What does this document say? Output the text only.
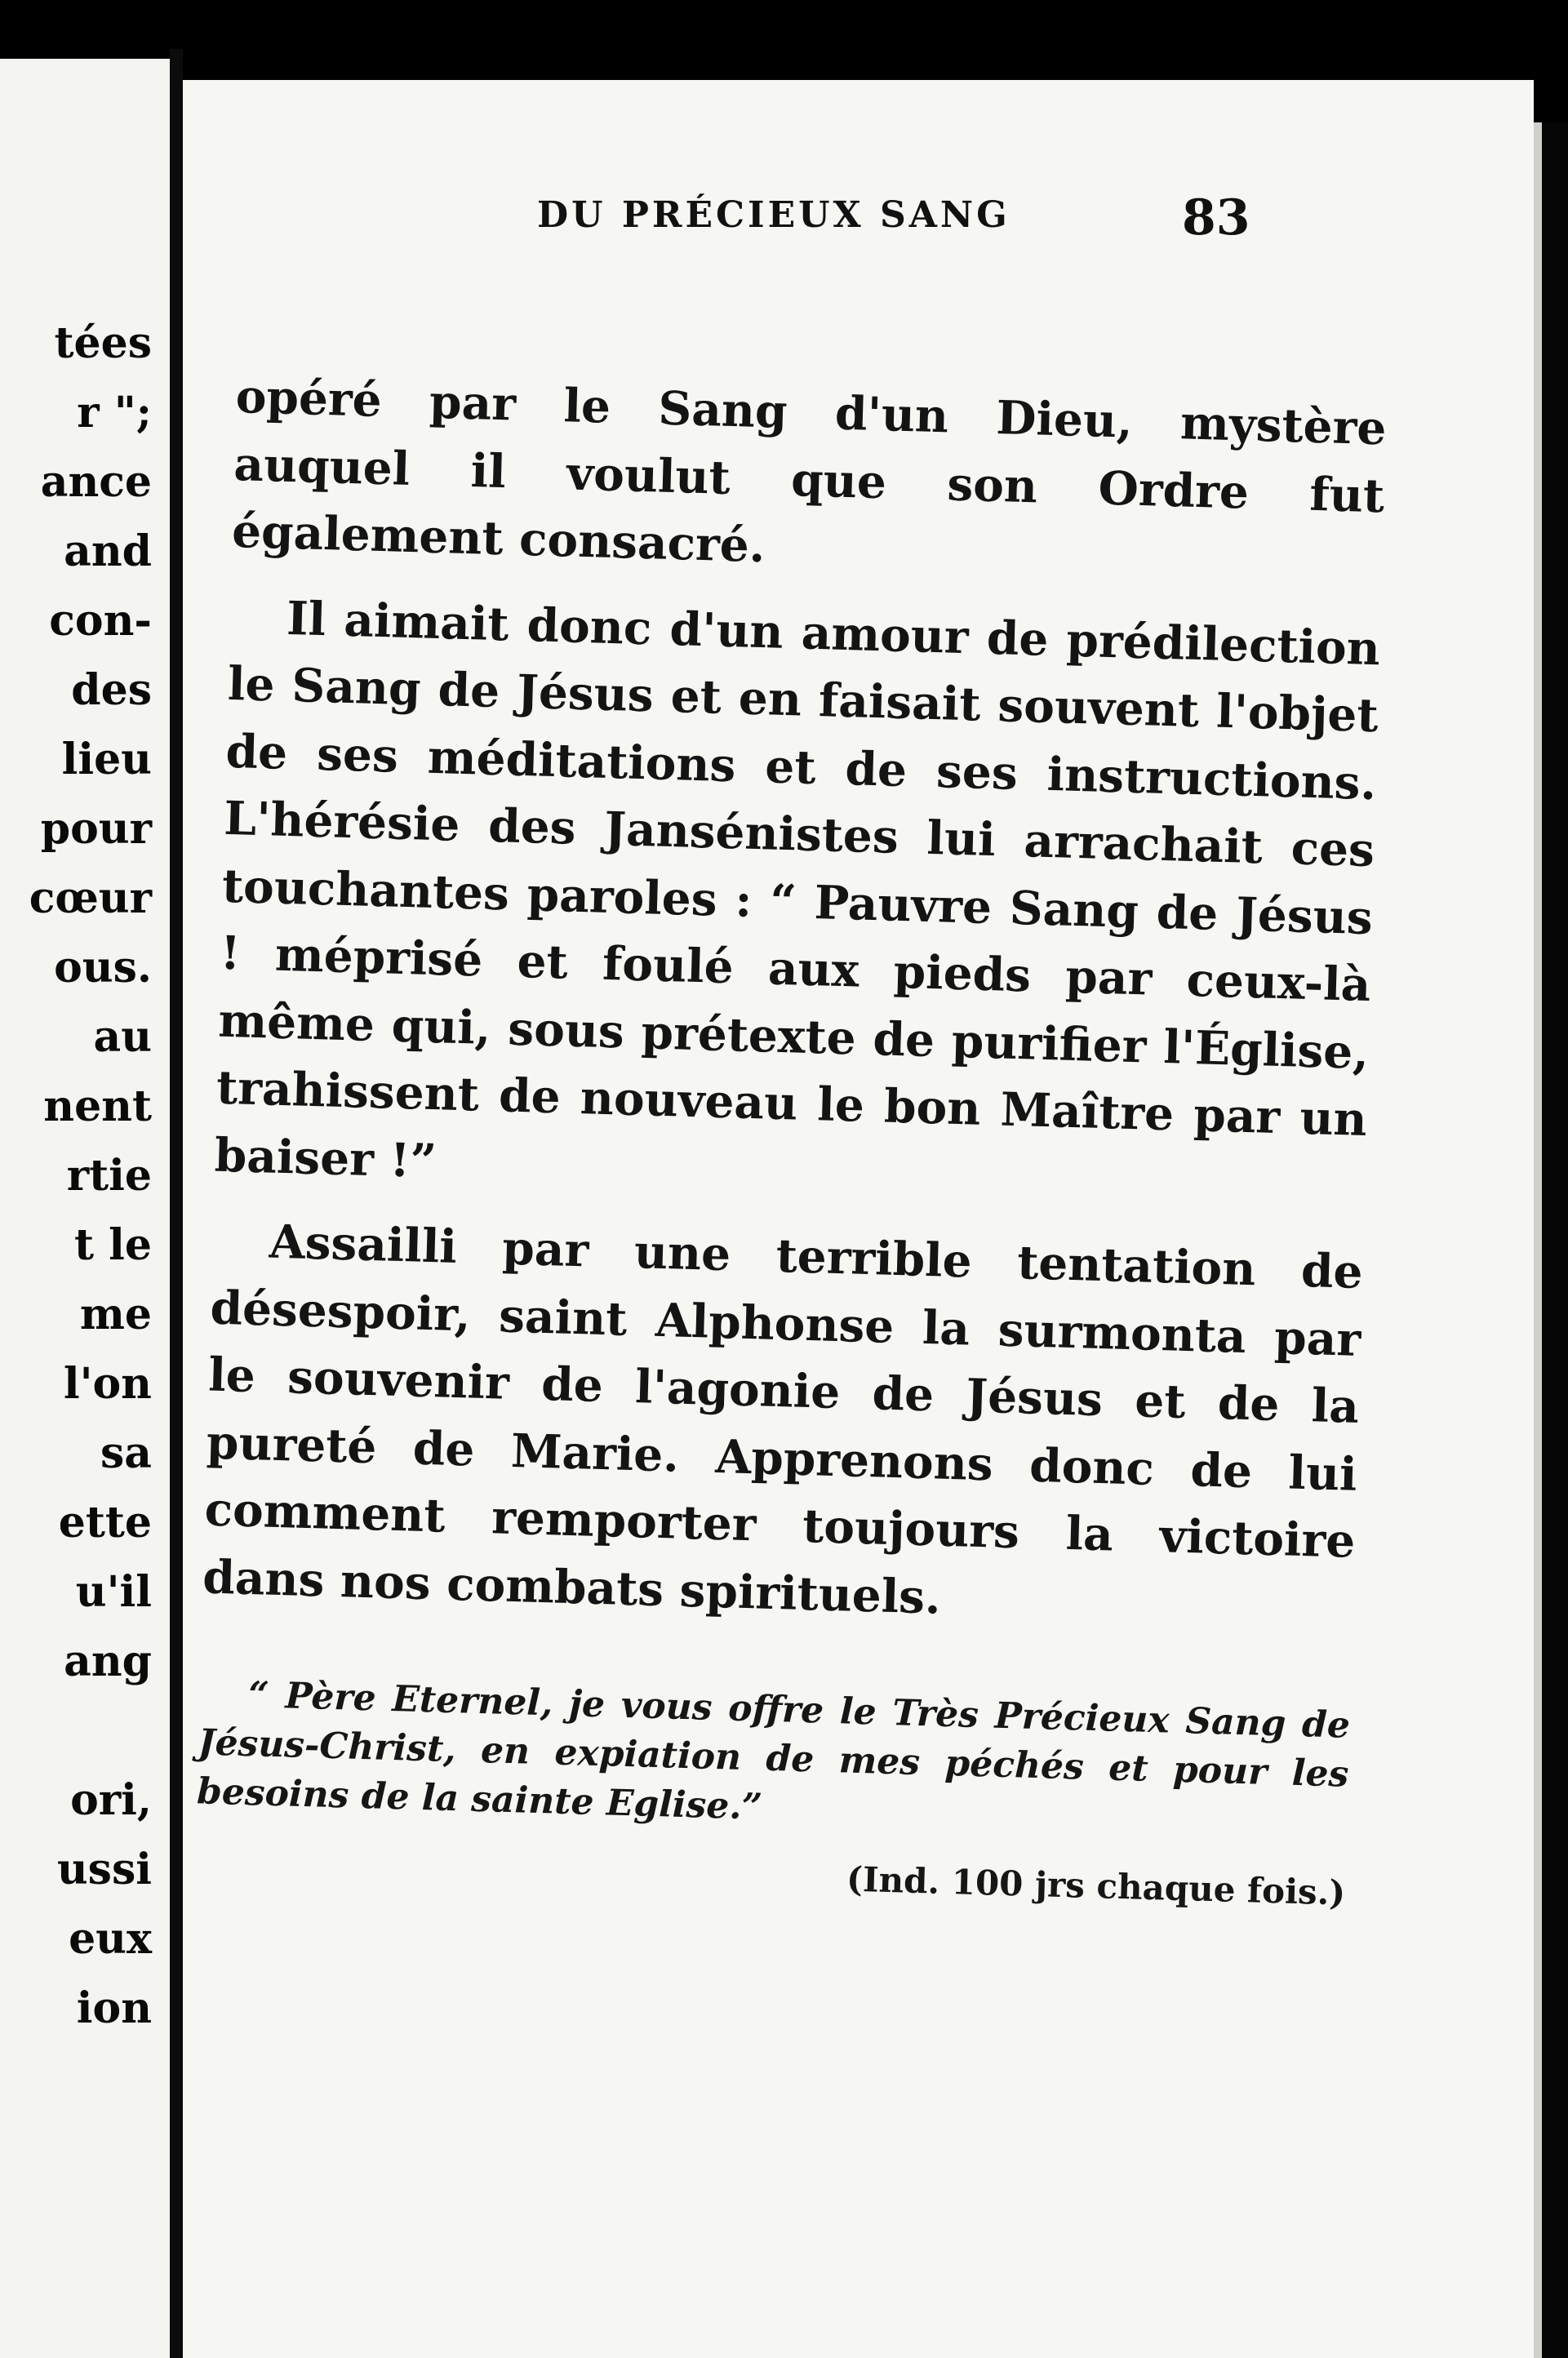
tées
r ";
ance
and
con-
des
lieu
pour
cœur
ous.
au
nent
rtie
t le
me
l'on
sa
ette
u'il
ang
ori,
ussi
eux
ion
DU PRÉCIEUX SANG	83

opéré par le Sang d'un Dieu, mystère auquel il voulut que son Ordre fut également consacré.

Il aimait donc d'un amour de prédilection le Sang de Jésus et en faisait souvent l'objet de ses méditations et de ses instructions. L'hérésie des Jansénistes lui arrachait ces touchantes paroles : “ Pauvre Sang de Jésus ! méprisé et foulé aux pieds par ceux-là même qui, sous prétexte de purifier l'Église, trahissent de nouveau le bon Maître par un baiser !”

Assailli par une terrible tentation de désespoir, saint Alphonse la surmonta par le souvenir de l'agonie de Jésus et de la pureté de Marie. Apprenons donc de lui comment remporter toujours la victoire dans nos combats spirituels.

“ Père Eternel, je vous offre le Très Précieux Sang de Jésus-Christ, en expiation de mes péchés et pour les besoins de la sainte Eglise.”

(Ind. 100 jrs chaque fois.)
